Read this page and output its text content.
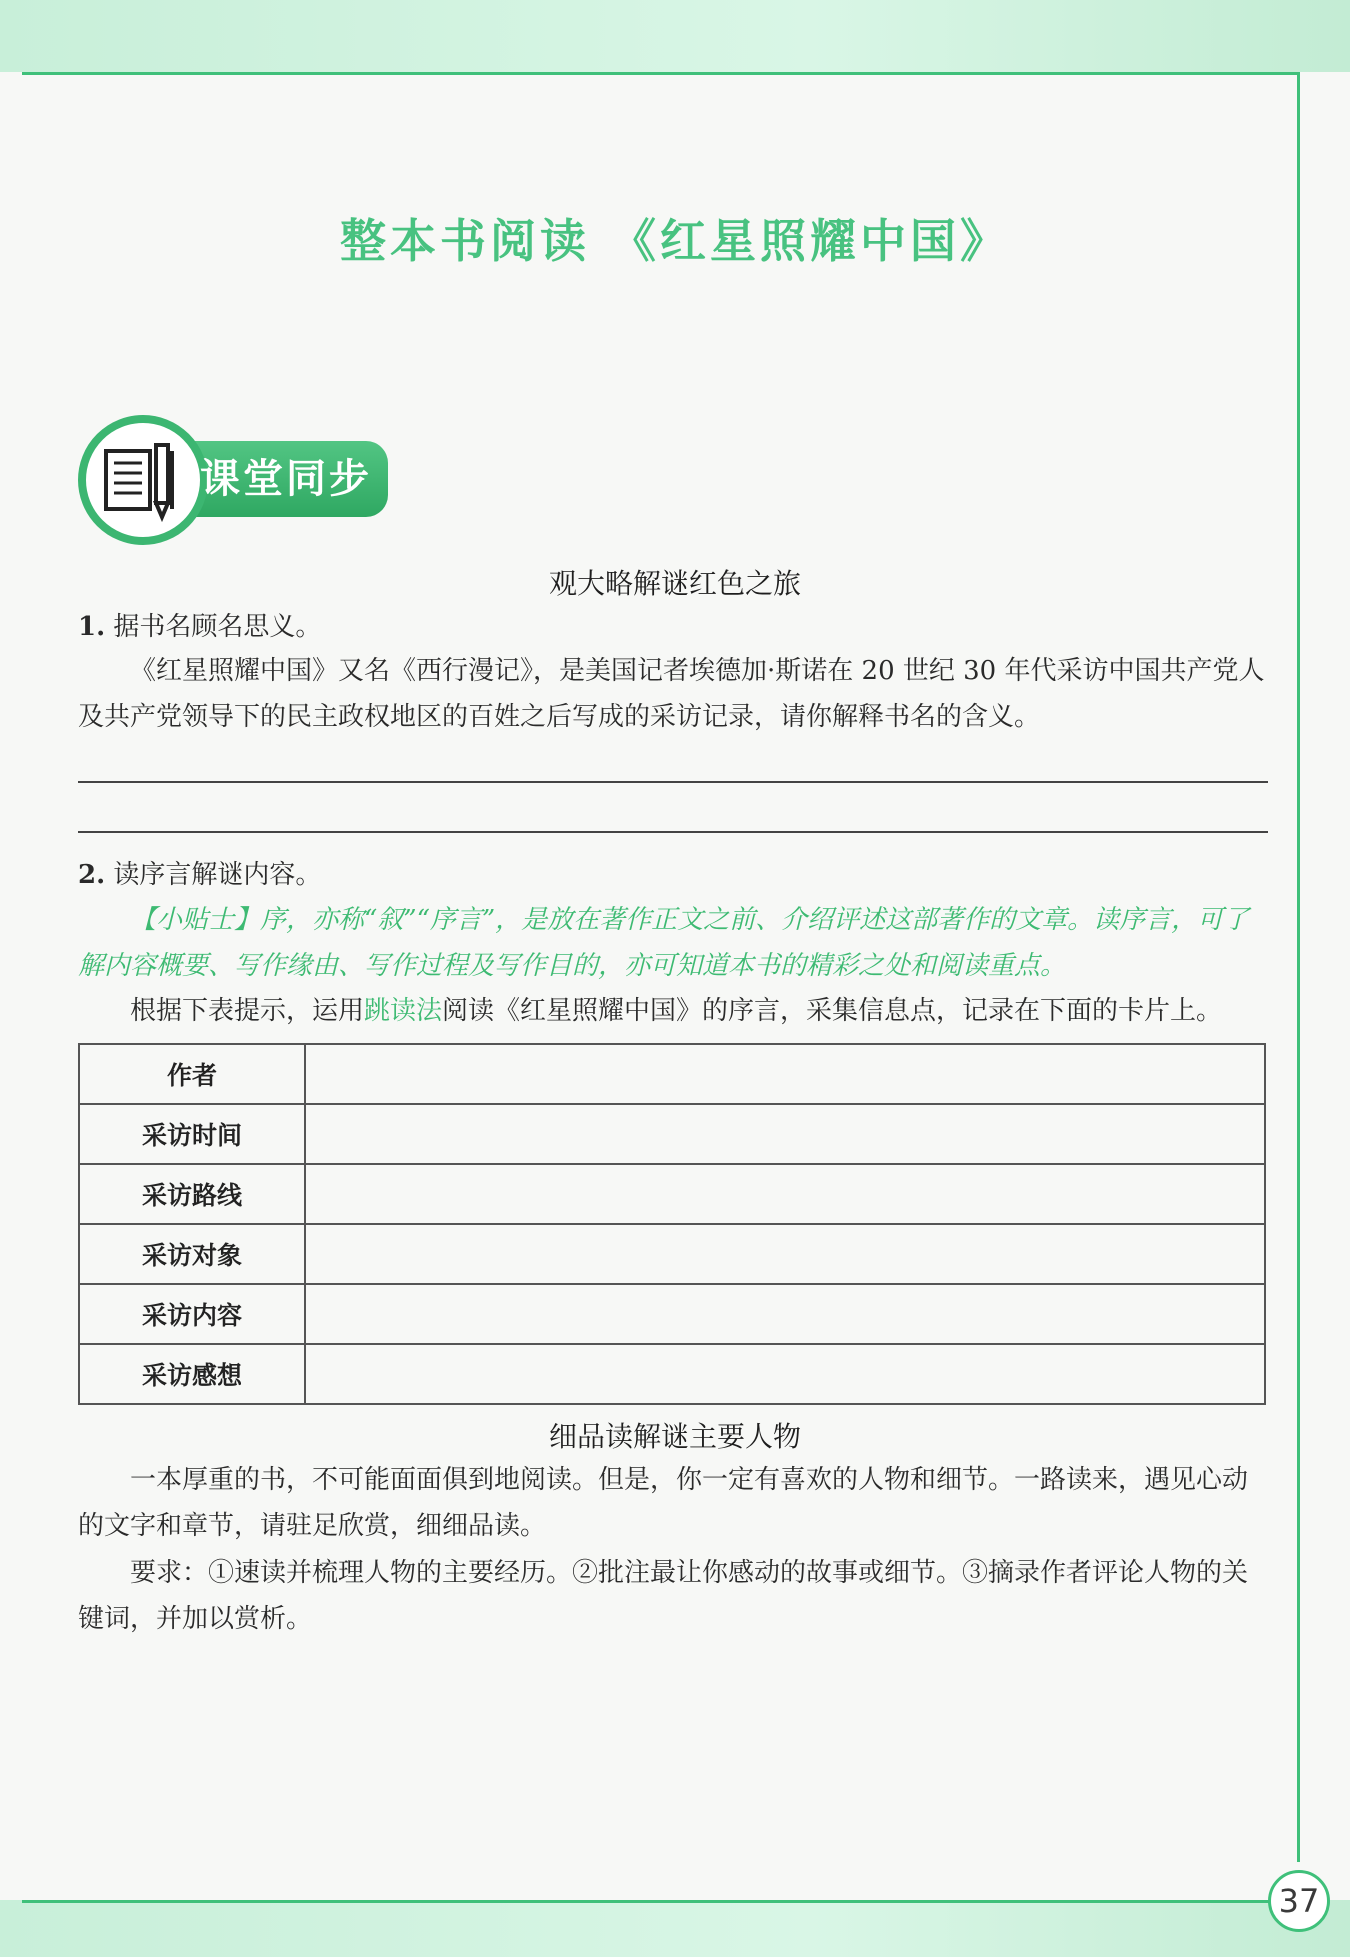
整本书阅读 《红星照耀中国》
课堂同步
观大略解谜红色之旅
1. 据书名顾名思义。
《红星照耀中国》又名《西行漫记》，是美国记者埃德加·斯诺在 20 世纪 30 年代采访中国共产党人及共产党领导下的民主政权地区的百姓之后写成的采访记录，请你解释书名的含义。
2. 读序言解谜内容。
【小贴士】序，亦称“叙”“序言”，是放在著作正文之前、介绍评述这部著作的文章。读序言，可了解内容概要、写作缘由、写作过程及写作目的，亦可知道本书的精彩之处和阅读重点。
根据下表提示，运用跳读法阅读《红星照耀中国》的序言，采集信息点，记录在下面的卡片上。
作者	
采访时间	
采访路线	
采访对象	
采访内容	
采访感想	
细品读解谜主要人物
一本厚重的书，不可能面面俱到地阅读。但是，你一定有喜欢的人物和细节。一路读来，遇见心动的文字和章节，请驻足欣赏，细细品读。
要求：①速读并梳理人物的主要经历。②批注最让你感动的故事或细节。③摘录作者评论人物的关键词，并加以赏析。
37
